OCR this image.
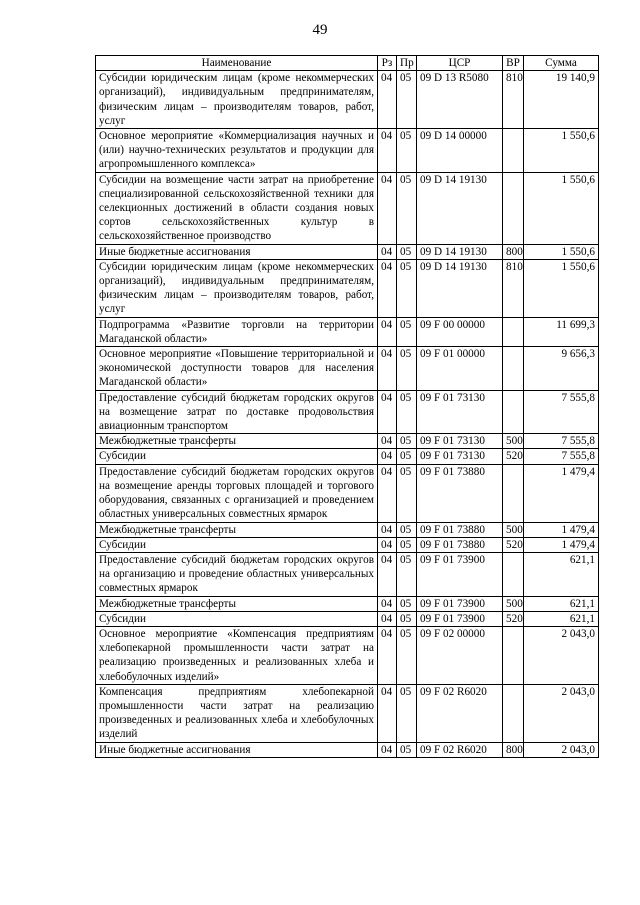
49
Наименование	Рз	Пр	ЦСР	ВР	Сумма
Субсидии юридическим лицам (кроме некоммерческих организаций), индивидуальным предпринимателям, физическим лицам – производителям товаров, работ, услуг	04	05	09 D 13 R5080	810	19 140,9
Основное мероприятие «Коммерциализация научных и (или) научно-технических результатов и продукции для агропромышленного комплекса»	04	05	09 D 14 00000		1 550,6
Субсидии на возмещение части затрат на приобретение специализированной сельскохозяйственной техники для селекционных достижений в области создания новых сортов сельскохозяйственных культур в сельскохозяйственное производство	04	05	09 D 14 19130		1 550,6
Иные бюджетные ассигнования	04	05	09 D 14 19130	800	1 550,6
Субсидии юридическим лицам (кроме некоммерческих организаций), индивидуальным предпринимателям, физическим лицам – производителям товаров, работ, услуг	04	05	09 D 14 19130	810	1 550,6
Подпрограмма «Развитие торговли на территории Магаданской области»	04	05	09 F 00 00000		11 699,3
Основное мероприятие «Повышение территориальной и экономической доступности товаров для населения Магаданской области»	04	05	09 F 01 00000		9 656,3
Предоставление субсидий бюджетам городских округов на возмещение затрат по доставке продовольствия авиационным транспортом	04	05	09 F 01 73130		7 555,8
Межбюджетные трансферты	04	05	09 F 01 73130	500	7 555,8
Субсидии	04	05	09 F 01 73130	520	7 555,8
Предоставление субсидий бюджетам городских округов на возмещение аренды торговых площадей и торгового оборудования, связанных с организацией и проведением областных универсальных совместных ярмарок	04	05	09 F 01 73880		1 479,4
Межбюджетные трансферты	04	05	09 F 01 73880	500	1 479,4
Субсидии	04	05	09 F 01 73880	520	1 479,4
Предоставление субсидий бюджетам городских округов на организацию и проведение областных универсальных совместных ярмарок	04	05	09 F 01 73900		621,1
Межбюджетные трансферты	04	05	09 F 01 73900	500	621,1
Субсидии	04	05	09 F 01 73900	520	621,1
Основное мероприятие «Компенсация предприятиям хлебопекарной промышленности части затрат на реализацию произведенных и реализованных хлеба и хлебобулочных изделий»	04	05	09 F 02 00000		2 043,0
Компенсация предприятиям хлебопекарной промышленности части затрат на реализацию произведенных и реализованных хлеба и хлебобулочных изделий	04	05	09 F 02 R6020		2 043,0
Иные бюджетные ассигнования	04	05	09 F 02 R6020	800	2 043,0
